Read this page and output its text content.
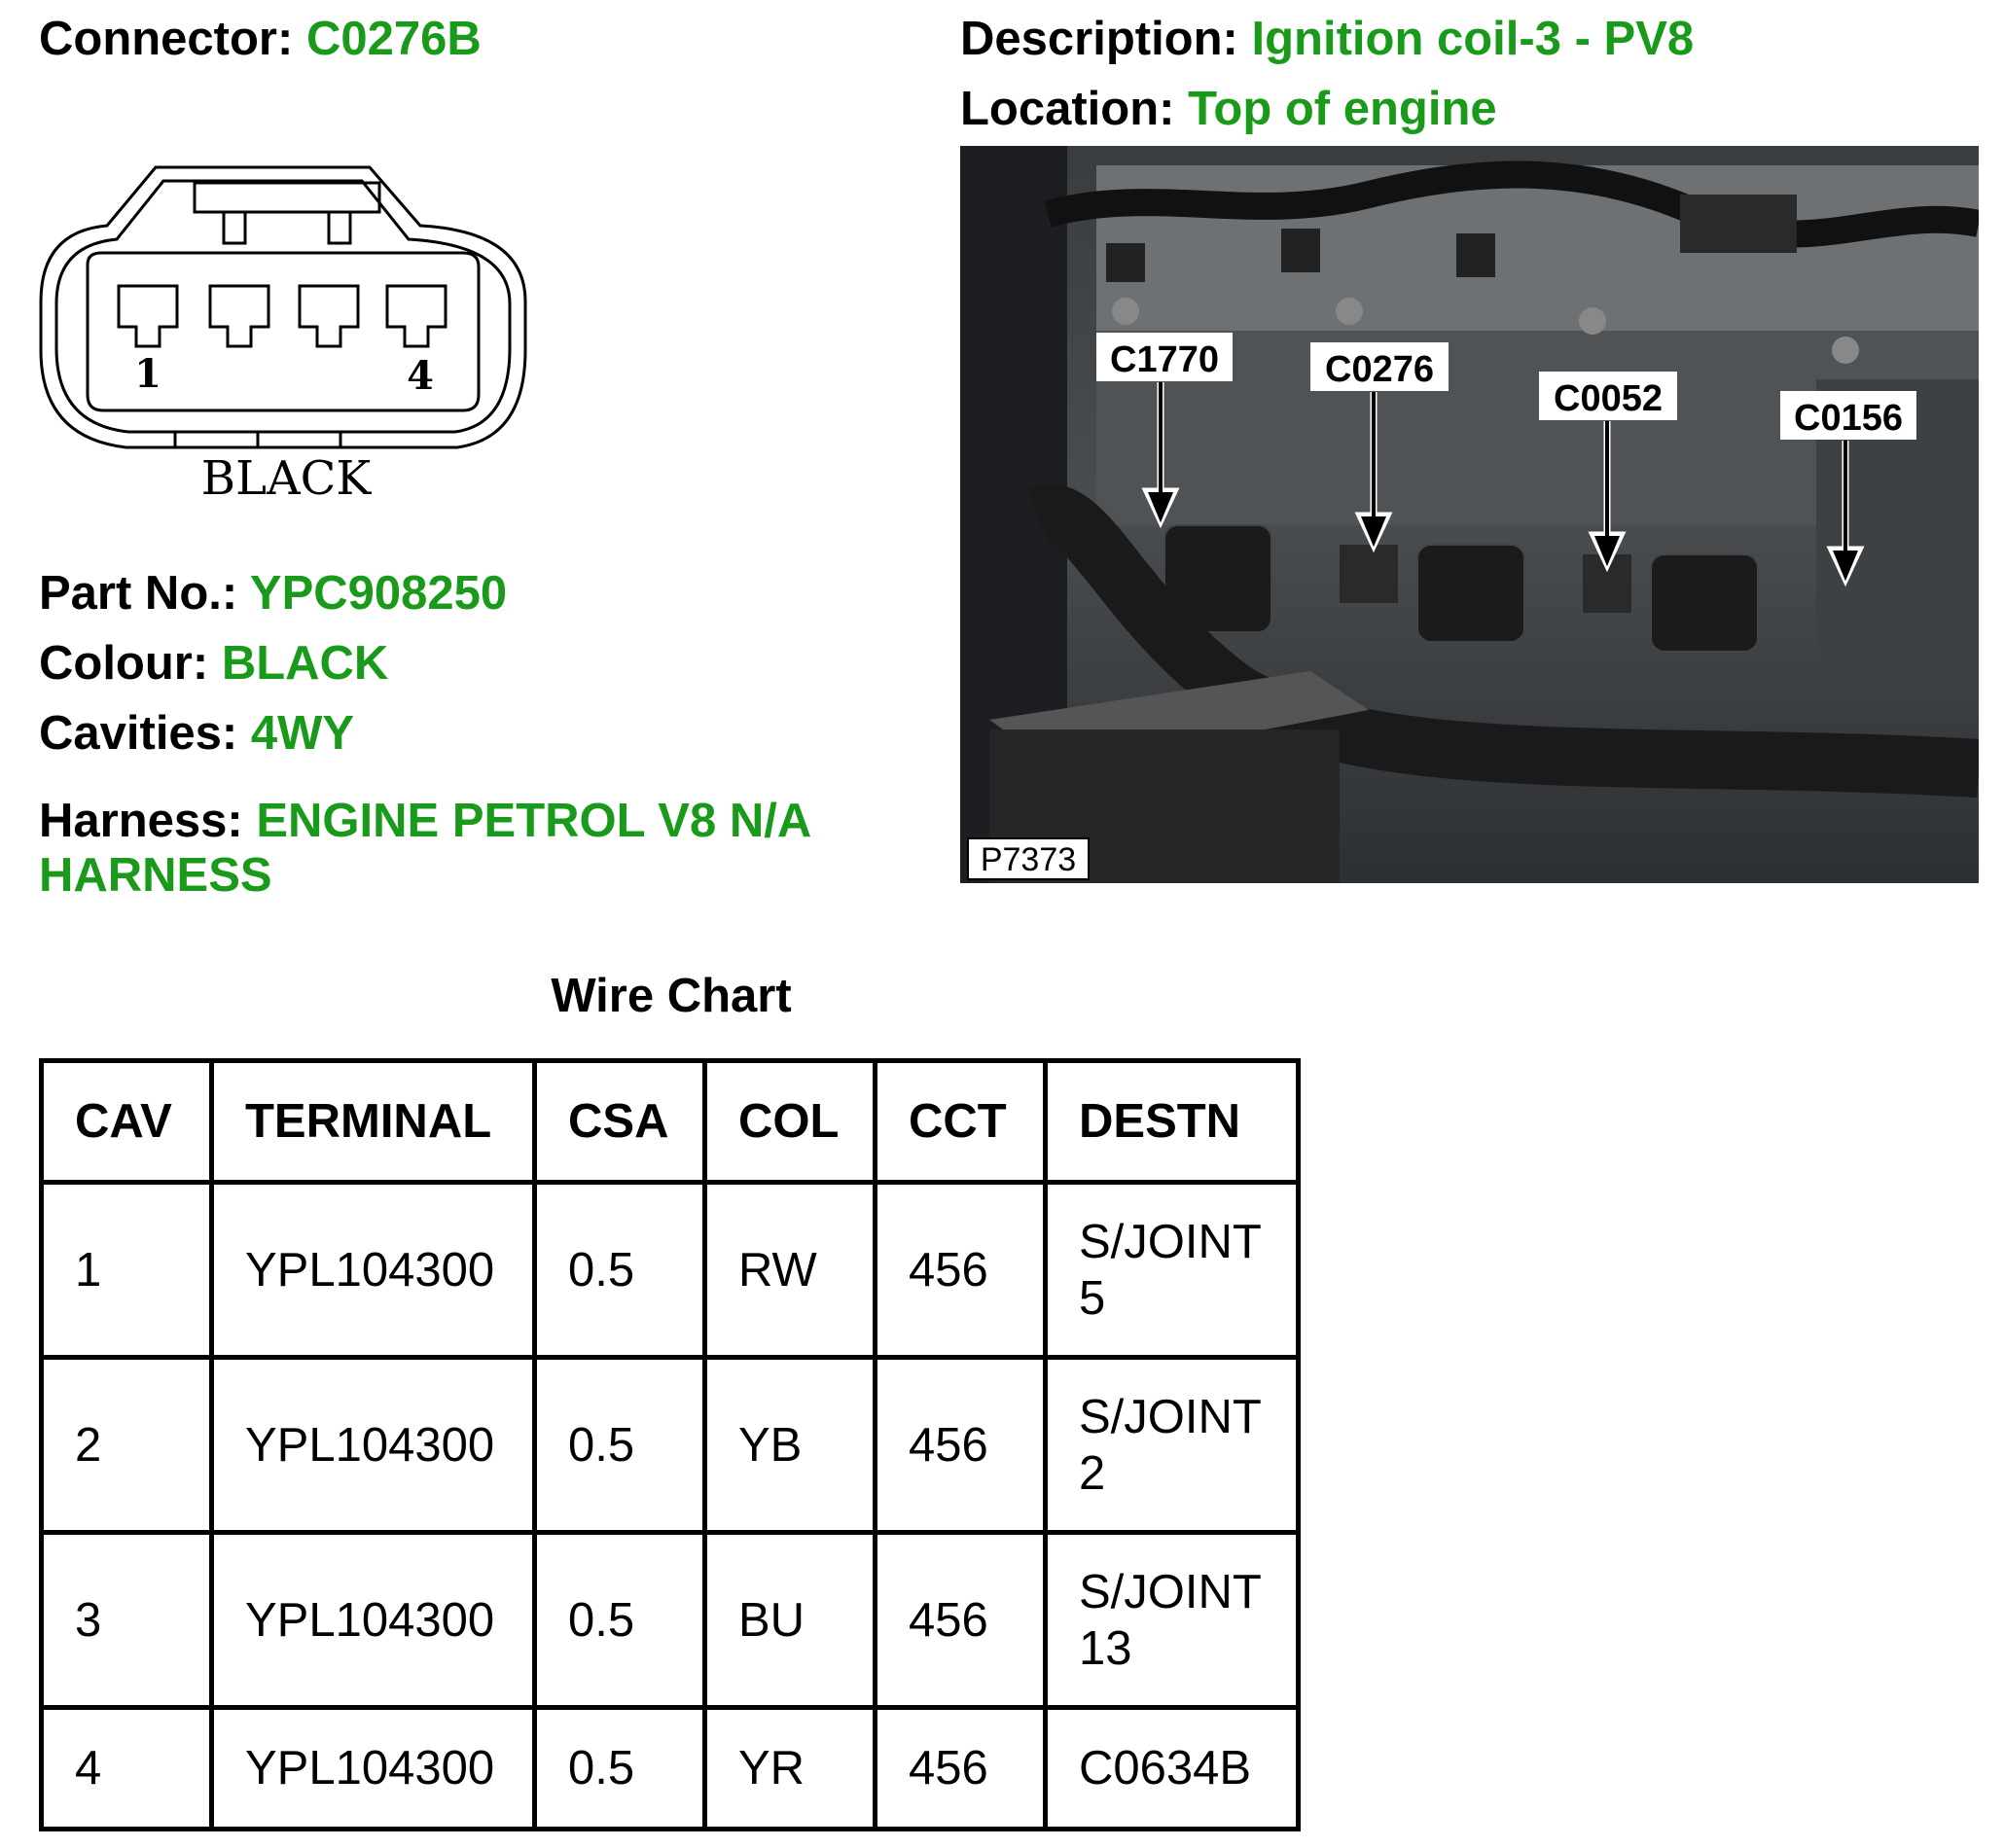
Connector: C0276B	Description: Ignition coil-3 - PV8
Location: Top of engine
1	4
BLACK
C1770	C0276
C0052	C0156
P7373
Part No.: YPC908250
Colour: BLACK
Cavities: 4WY
Harness: ENGINE PETROL V8 N/A
HARNESS
Wire Chart
CAV	TERMINAL	CSA	COL	CCT	DESTN
1	YPL104300	0.5	RW	456	S/JOINT
5

2	YPL104300	0.5	YB	456	S/JOINT
2

3	YPL104300	0.5	BU	456	S/JOINT
13

4	YPL104300	0.5	YR	456	C0634B
